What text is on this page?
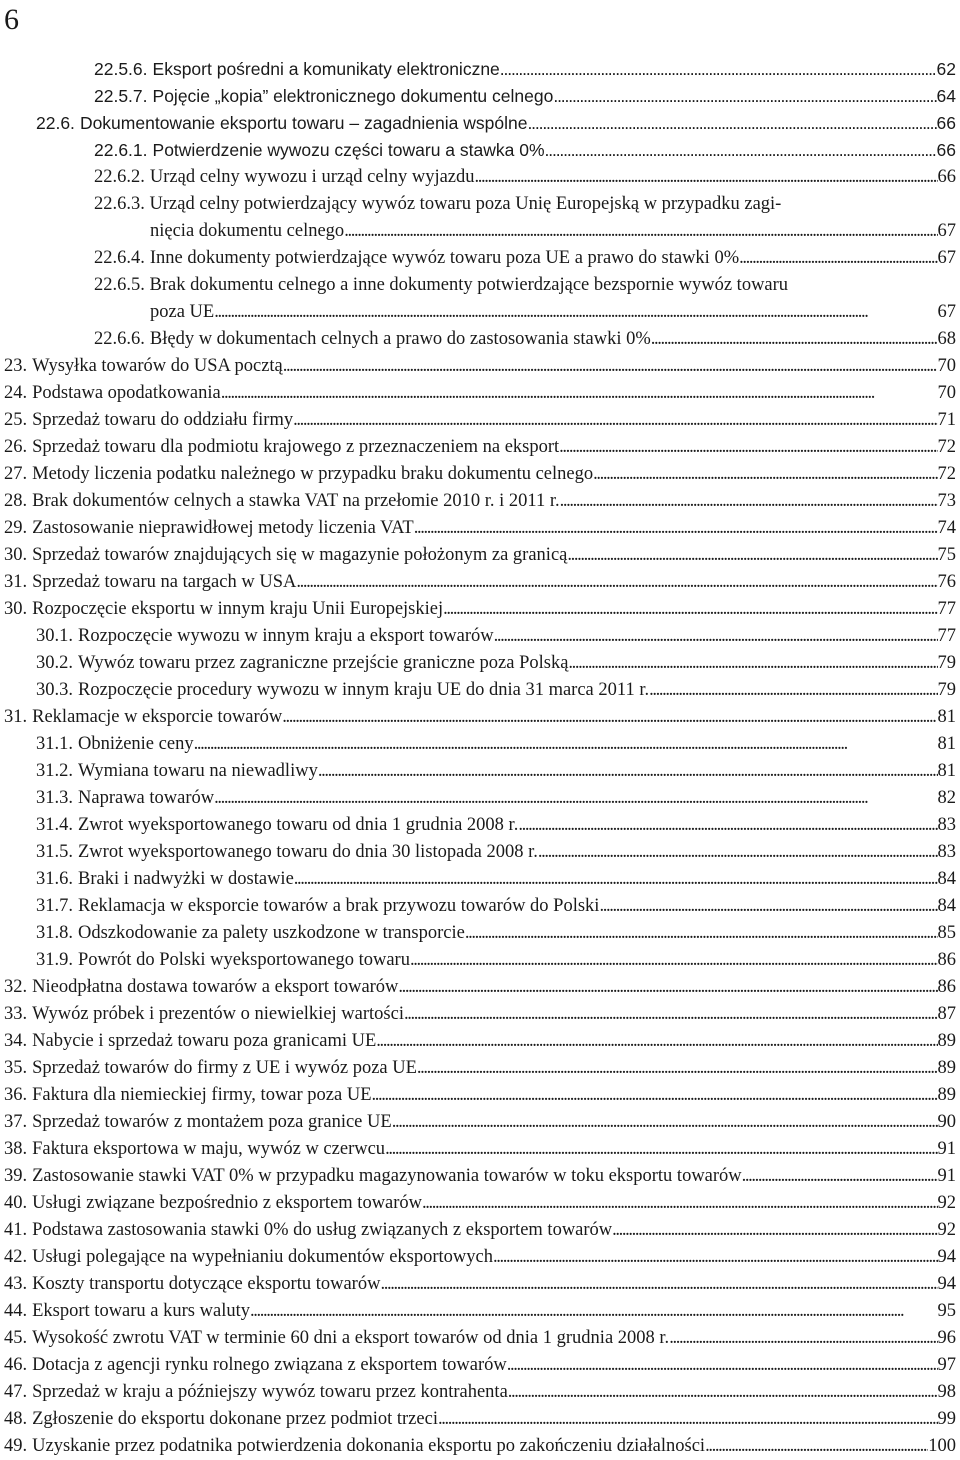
6
22.5.6. Eksport pośredni a komunikaty elektroniczne . . .	62
22.5.7. Pojęcie „kopia” elektronicznego dokumentu celnego . . .	64
22.6. Dokumentowanie eksportu towaru – zagadnienia wspólne . . .	66
22.6.1. Potwierdzenie wywozu części towaru a stawka 0% . . .	66
22.6.2. Urząd celny wywozu i urząd celny wyjazdu . . .	66
22.6.3. Urząd celny potwierdzający wywóz towaru poza Unię Europejską w przypadku zagi-
nięcia dokumentu celnego . . .	67
22.6.4. Inne dokumenty potwierdzające wywóz towaru poza UE a prawo do stawki 0% . . .	67
22.6.5. Brak dokumentu celnego a inne dokumenty potwierdzające bezspornie wywóz towaru
poza UE . . .	67
22.6.6. Błędy w dokumentach celnych a prawo do zastosowania stawki 0% . . .	68
23. Wysyłka towarów do USA pocztą . . .	70
24. Podstawa opodatkowania . . .	70
25. Sprzedaż towaru do oddziału firmy . . .	71
26. Sprzedaż towaru dla podmiotu krajowego z przeznaczeniem na eksport . . .	72
27. Metody liczenia podatku należnego w przypadku braku dokumentu celnego . . .	72
28. Brak dokumentów celnych a stawka VAT na przełomie 2010 r. i 2011 r. . . .	73
29. Zastosowanie nieprawidłowej metody liczenia VAT . . .	74
30. Sprzedaż towarów znajdujących się w magazynie położonym za granicą . . .	75
31. Sprzedaż towaru na targach w USA . . .	76
30. Rozpoczęcie eksportu w innym kraju Unii Europejskiej . . .	77
30.1. Rozpoczęcie wywozu w innym kraju a eksport towarów . . .	77
30.2. Wywóz towaru przez zagraniczne przejście graniczne poza Polską . . .	79
30.3. Rozpoczęcie procedury wywozu w innym kraju UE do dnia 31 marca 2011 r. . . .	79
31. Reklamacje w eksporcie towarów . . .	81
31.1. Obniżenie ceny . . .	81
31.2. Wymiana towaru na niewadliwy . . .	81
31.3. Naprawa towarów . . .	82
31.4. Zwrot wyeksportowanego towaru od dnia 1 grudnia 2008 r. . . .	83
31.5. Zwrot wyeksportowanego towaru do dnia 30 listopada 2008 r. . . .	83
31.6. Braki i nadwyżki w dostawie . . .	84
31.7. Reklamacja w eksporcie towarów a brak przywozu towarów do Polski . . .	84
31.8. Odszkodowanie za palety uszkodzone w transporcie . . .	85
31.9. Powrót do Polski wyeksportowanego towaru . . .	86
32. Nieodpłatna dostawa towarów a eksport towarów . . .	86
33. Wywóz próbek i prezentów o niewielkiej wartości . . .	87
34. Nabycie i sprzedaż towaru poza granicami UE . . .	89
35. Sprzedaż towarów do firmy z UE i wywóz poza UE . . .	89
36. Faktura dla niemieckiej firmy, towar poza UE . . .	89
37. Sprzedaż towarów z montażem poza granice UE . . .	90
38. Faktura eksportowa w maju, wywóz w czerwcu . . .	91
39. Zastosowanie stawki VAT 0% w przypadku magazynowania towarów w toku eksportu towarów . . .	91
40. Usługi związane bezpośrednio z eksportem towarów . . .	92
41. Podstawa zastosowania stawki 0% do usług związanych z eksportem towarów . . .	92
42. Usługi polegające na wypełnianiu dokumentów eksportowych . . .	94
43. Koszty transportu dotyczące eksportu towarów . . .	94
44. Eksport towaru a kurs waluty . . .	95
45. Wysokość zwrotu VAT w terminie 60 dni a eksport towarów od dnia 1 grudnia 2008 r. . . .	96
46. Dotacja z agencji rynku rolnego związana z eksportem towarów . . .	97
47. Sprzedaż w kraju a późniejszy wywóz towaru przez kontrahenta . . .	98
48. Zgłoszenie do eksportu dokonane przez podmiot trzeci . . .	99
49. Uzyskanie przez podatnika potwierdzenia dokonania eksportu po zakończeniu działalności . . .	100
